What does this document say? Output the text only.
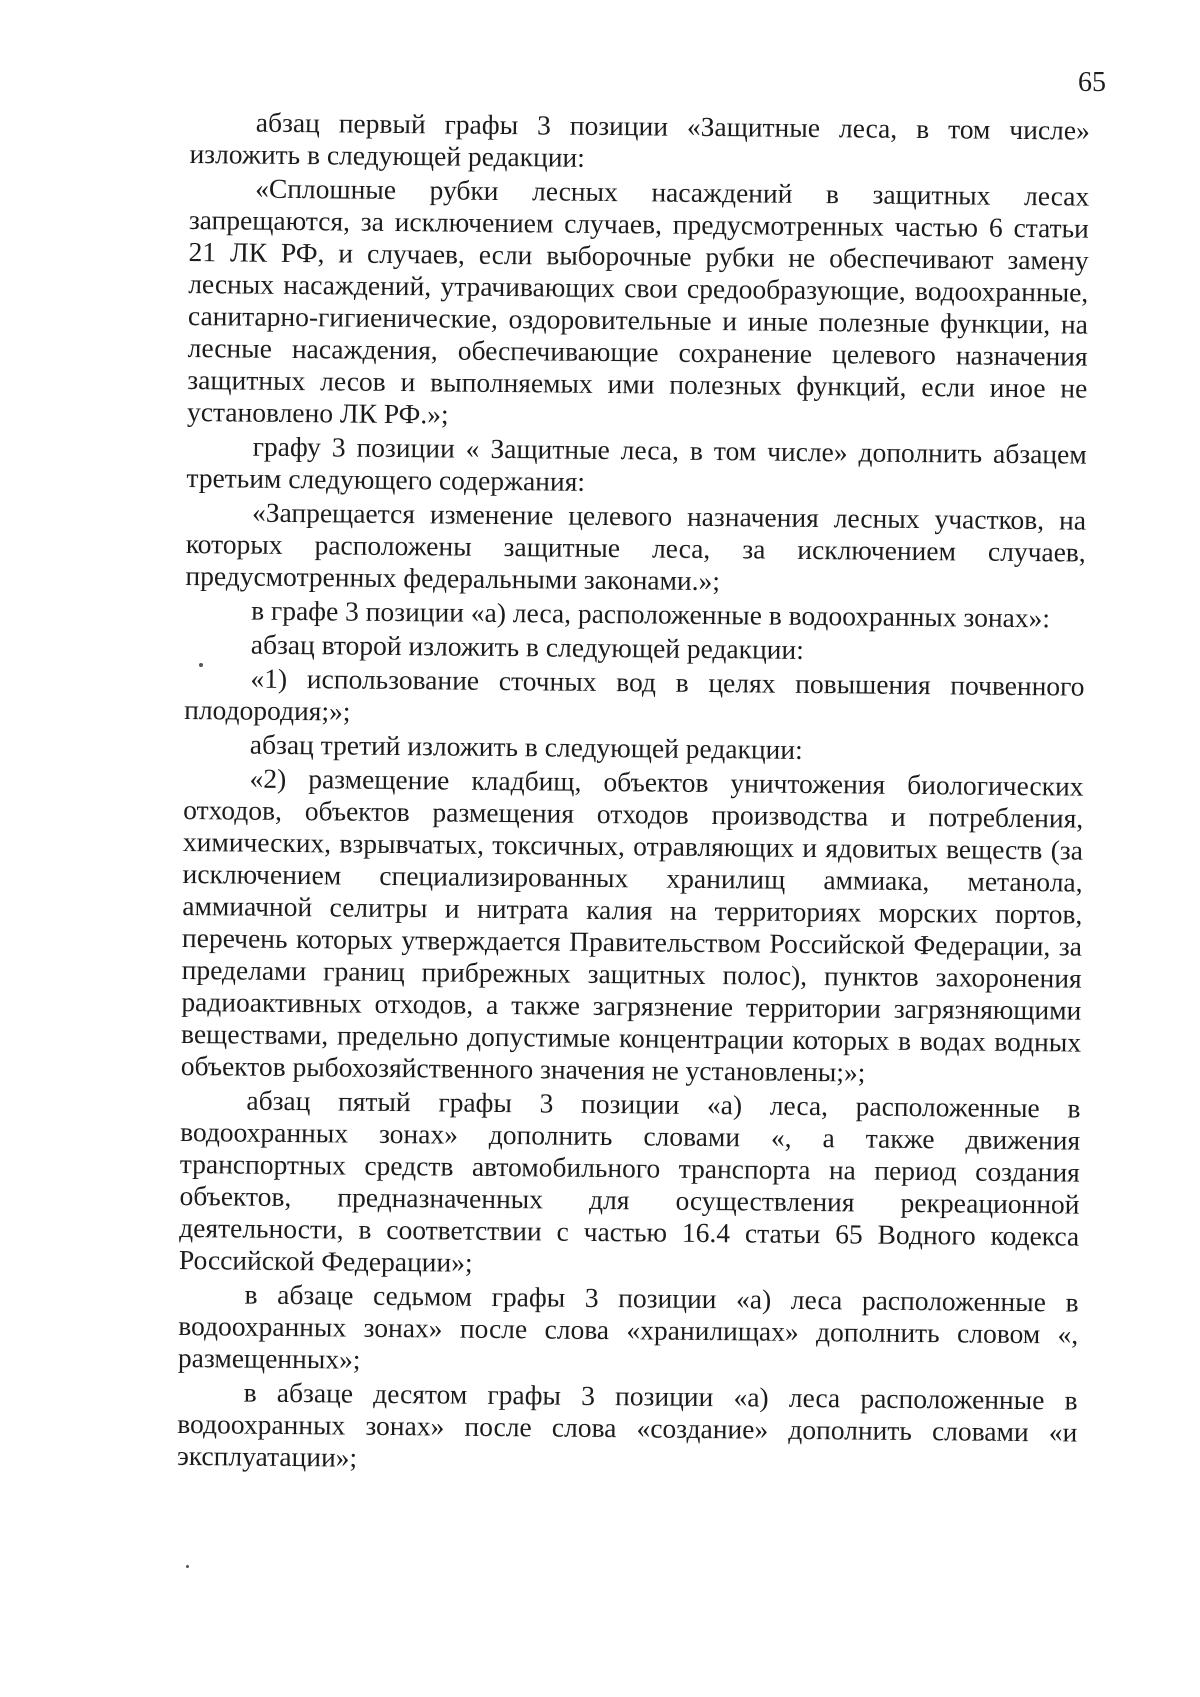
65

абзац первый графы 3 позиции «Защитные леса, в том числе» изложить в следующей редакции:

«Сплошные рубки лесных насаждений в защитных лесах запрещаются, за исключением случаев, предусмотренных частью 6 статьи 21 ЛК РФ, и случаев, если выборочные рубки не обеспечивают замену лесных насаждений, утрачивающих свои средообразующие, водоохранные, санитарно-гигиенические, оздоровительные и иные полезные функции, на лесные насаждения, обеспечивающие сохранение целевого назначения защитных лесов и выполняемых ими полезных функций, если иное не установлено ЛК РФ.»;

графу 3 позиции « Защитные леса, в том числе» дополнить абзацем третьим следующего содержания:

«Запрещается изменение целевого назначения лесных участков, на которых расположены защитные леса, за исключением случаев, предусмотренных федеральными законами.»;

в графе 3 позиции «а) леса, расположенные в водоохранных зонах»:

абзац второй изложить в следующей редакции:

«1) использование сточных вод в целях повышения почвенного плодородия;»;

абзац третий изложить в следующей редакции:

«2) размещение кладбищ, объектов уничтожения биологических отходов, объектов размещения отходов производства и потребления, химических, взрывчатых, токсичных, отравляющих и ядовитых веществ (за исключением специализированных хранилищ аммиака, метанола, аммиачной селитры и нитрата калия на территориях морских портов, перечень которых утверждается Правительством Российской Федерации, за пределами границ прибрежных защитных полос), пунктов захоронения радиоактивных отходов, а также загрязнение территории загрязняющими веществами, предельно допустимые концентрации которых в водах водных объектов рыбохозяйственного значения не установлены;»;

абзац пятый графы 3 позиции «а) леса, расположенные в водоохранных зонах» дополнить словами «, а также движения транспортных средств автомобильного транспорта на период создания объектов, предназначенных для осуществления рекреационной деятельности, в соответствии с частью 16.4 статьи 65 Водного кодекса Российской Федерации»;

в абзаце седьмом графы 3 позиции «а) леса расположенные в водоохранных зонах» после слова «хранилищах» дополнить словом «, размещенных»;

в абзаце десятом графы 3 позиции «а) леса расположенные в водоохранных зонах» после слова «создание» дополнить словами «и эксплуатации»;
